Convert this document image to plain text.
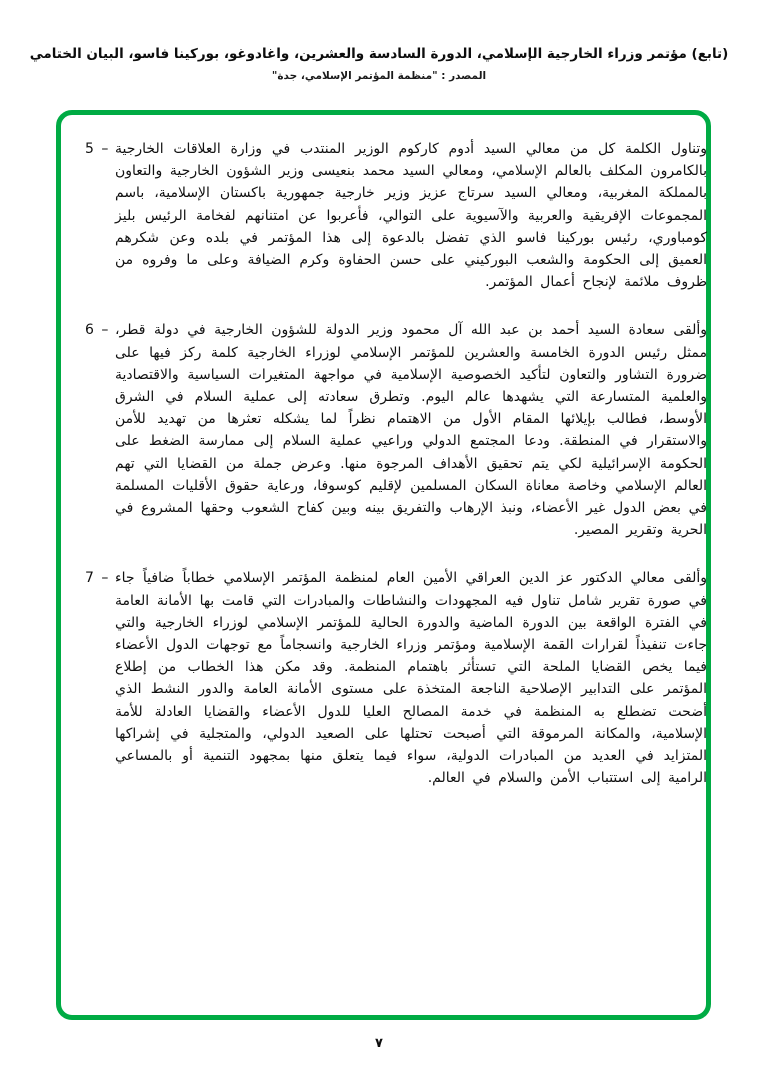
(تابع) مؤتمر وزراء الخارجية الإسلامي، الدورة السادسة والعشرين، واغادوغو، بوركينا فاسو، البيان الختامي
المصدر : "منظمة المؤتمر الإسلامي، جدة"
5 – وتناول الكلمة كل من معالي السيد أدوم كاركوم الوزير المنتدب في وزارة العلاقات الخارجية بالكامرون المكلف بالعالم الإسلامي، ومعالي السيد محمد بنعيسى وزير الشؤون الخارجية والتعاون بالمملكة المغربية، ومعالي السيد سرتاج عزيز وزير خارجية جمهورية باكستان الإسلامية، باسم المجموعات الإفريقية والعربية والآسيوية على التوالي، فأعربوا عن امتنانهم لفخامة الرئيس بليز كومباوري، رئيس بوركينا فاسو الذي تفضل بالدعوة إلى هذا المؤتمر في بلده وعن شكرهم العميق إلى الحكومة والشعب البوركيني على حسن الحفاوة وكرم الضيافة وعلى ما وفروه من ظروف ملائمة لإنجاح أعمال المؤتمر.
6 – وألقى سعادة السيد أحمد بن عبد الله آل محمود وزير الدولة للشؤون الخارجية في دولة قطر، ممثل رئيس الدورة الخامسة والعشرين للمؤتمر الإسلامي لوزراء الخارجية كلمة ركز فيها على ضرورة التشاور والتعاون لتأكيد الخصوصية الإسلامية في مواجهة المتغيرات السياسية والاقتصادية والعلمية المتسارعة التي يشهدها عالم اليوم. وتطرق سعادته إلى عملية السلام في الشرق الأوسط، فطالب بإيلائها المقام الأول من الاهتمام نظراً لما يشكله تعثرها من تهديد للأمن والاستقرار في المنطقة. ودعا المجتمع الدولي وراعيي عملية السلام إلى ممارسة الضغط على الحكومة الإسرائيلية لكي يتم تحقيق الأهداف المرجوة منها. وعرض جملة من القضايا التي تهم العالم الإسلامي وخاصة معاناة السكان المسلمين لإقليم كوسوفا، ورعاية حقوق الأقليات المسلمة في بعض الدول غير الأعضاء، ونبذ الإرهاب والتفريق بينه وبين كفاح الشعوب وحقها المشروع في الحرية وتقرير المصير.
7 – وألقى معالي الدكتور عز الدين العراقي الأمين العام لمنظمة المؤتمر الإسلامي خطاباً ضافياً جاء في صورة تقرير شامل تناول فيه المجهودات والنشاطات والمبادرات التي قامت بها الأمانة العامة في الفترة الواقعة بين الدورة الماضية والدورة الحالية للمؤتمر الإسلامي لوزراء الخارجية والتي جاءت تنفيذاً لقرارات القمة الإسلامية ومؤتمر وزراء الخارجية وانسجاماً مع توجهات الدول الأعضاء فيما يخص القضايا الملحة التي تستأثر باهتمام المنظمة. وقد مكن هذا الخطاب من إطلاع المؤتمر على التدابير الإصلاحية الناجعة المتخذة على مستوى الأمانة العامة والدور النشط الذي أضحت تضطلع به المنظمة في خدمة المصالح العليا للدول الأعضاء والقضايا العادلة للأمة الإسلامية، والمكانة المرموقة التي أصبحت تحتلها على الصعيد الدولي، والمتجلية في إشراكها المتزايد في العديد من المبادرات الدولية، سواء فيما يتعلق منها بمجهود التنمية أو بالمساعي الرامية إلى استتباب الأمن والسلام في العالم.
٧
